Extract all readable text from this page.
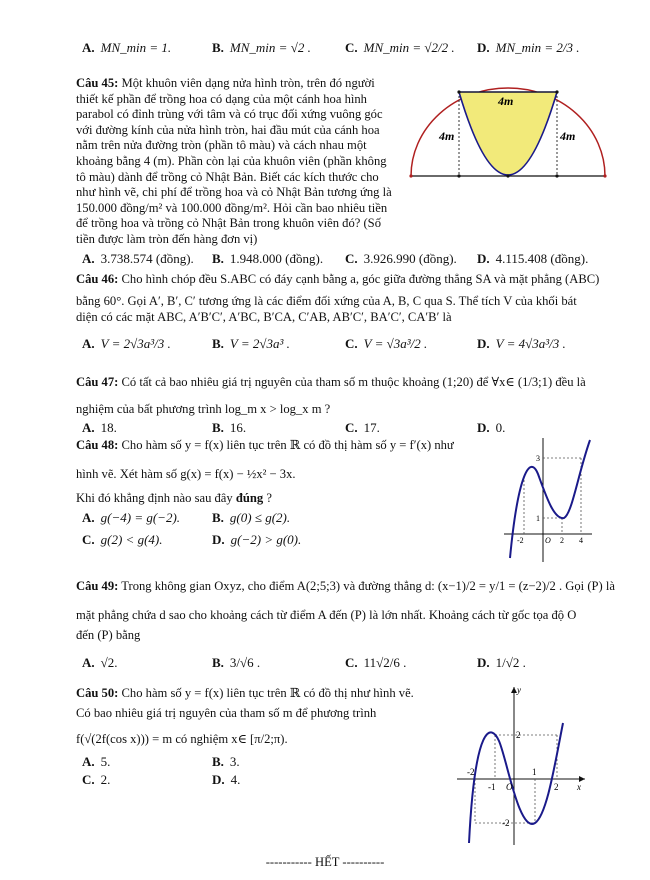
A. MN_min = 1.	B. MN_min = √2 .	C. MN_min = √2/2 . D. MN_min = 2/3 .
Câu 45: Một khuôn viên dạng nửa hình tròn, trên đó người
thiết kế phần để trồng hoa có dạng của một cánh hoa hình
parabol có đỉnh trùng với tâm và có trục đối xứng vuông góc
với đường kính của nửa hình tròn, hai đầu mút của cánh hoa
nằm trên nửa đường tròn (phần tô màu) và cách nhau một
khoảng bằng 4 (m). Phần còn lại của khuôn viên (phần không
tô màu) dành để trồng cỏ Nhật Bản. Biết các kích thước cho
như hình vẽ, chi phí để trồng hoa và cỏ Nhật Bản tương ứng là
150.000 đồng/m² và 100.000 đồng/m². Hỏi cần bao nhiêu tiền
để trồng hoa và trồng cỏ Nhật Bản trong khuôn viên đó? (Số
tiền được làm tròn đến hàng đơn vị)
4m
4m	4m
A. 3.738.574 (đồng). B. 1.948.000 (đồng). C. 3.926.990 (đồng). D. 4.115.408 (đồng).
Câu 46: Cho hình chóp đều S.ABC có đáy cạnh bằng a, góc giữa đường thẳng SA và mặt phẳng (ABC)
bằng 60°. Gọi A′, B′, C′ tương ứng là các điểm đối xứng của A, B, C qua S. Thể tích V của khối bát
diện có các mặt ABC, A′B′C′, A′BC, B′CA, C′AB, AB′C′, BA′C′, CA′B′ là
A. V = 2√3a³/3 .	B. V = 2√3a³ .	C. V = √3a³/2 .	D. V = 4√3a³/3 .
Câu 47: Có tất cả bao nhiêu giá trị nguyên của tham số m thuộc khoảng (1;20) để ∀x∈ (1/3;1) đều là
nghiệm của bất phương trình log_m x > log_x m ?
A. 18.	B. 16.	C. 17.	D. 0.
Câu 48: Cho hàm số y = f(x) liên tục trên ℝ có đồ thị hàm số y = f′(x) như
hình vẽ. Xét hàm số g(x) = f(x) − ½x² − 3x.
Khi đó khẳng định nào sau đây đúng ?
A. g(−4) = g(−2). B. g(0) ≤ g(2).
C. g(2) < g(4).	D. g(−2) > g(0).
3
1
-2	O 2 4
Câu 49: Trong không gian Oxyz, cho điểm A(2;5;3) và đường thẳng d: (x−1)/2 = y/1 = (z−2)/2 . Gọi (P) là
mặt phẳng chứa d sao cho khoảng cách từ điểm A đến (P) là lớn nhất. Khoảng cách từ gốc tọa độ O
đến (P) bằng
A. √2.	B. 3/√6 .	C. 11√2/6 .	D. 1/√2 .
Câu 50: Cho hàm số y = f(x) liên tục trên ℝ có đồ thị như hình vẽ.
Có bao nhiêu giá trị nguyên của tham số m để phương trình
f(√(2f(cos x))) = m có nghiệm x∈ [π/2;π).
A. 5.	B. 3.
C. 2.	D. 4.
y
x
2
-2
-2
-1 O
1
2
----------- HẾT ----------
